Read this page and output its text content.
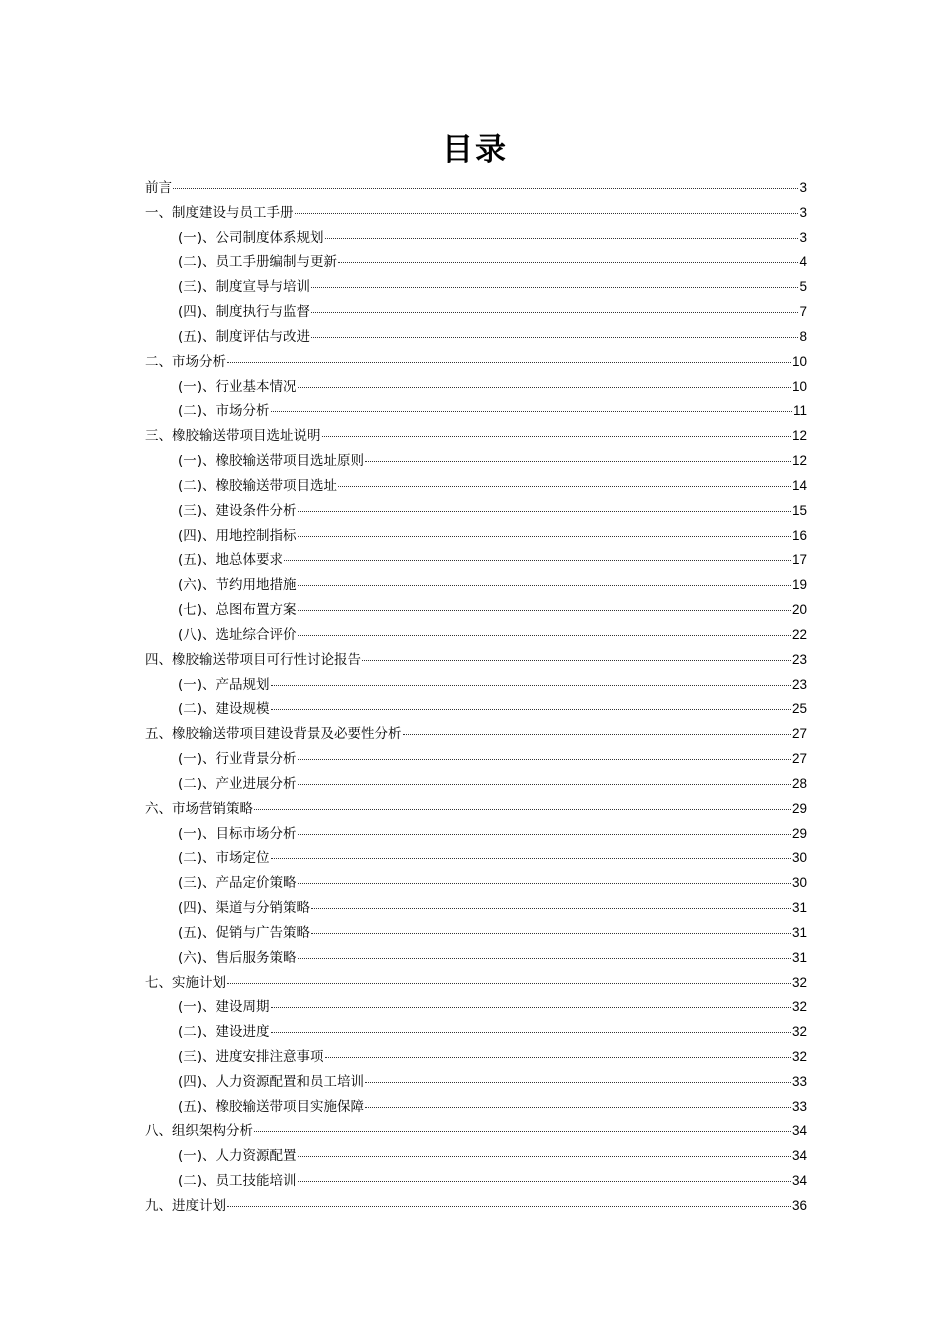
目录
前言	3
一、制度建设与员工手册	3
(一)、公司制度体系规划	3
(二)、员工手册编制与更新	4
(三)、制度宣导与培训	5
(四)、制度执行与监督	7
(五)、制度评估与改进	8
二、市场分析	10
(一)、行业基本情况	10
(二)、市场分析	11
三、橡胶输送带项目选址说明	12
(一)、橡胶输送带项目选址原则	12
(二)、橡胶输送带项目选址	14
(三)、建设条件分析	15
(四)、用地控制指标	16
(五)、地总体要求	17
(六)、节约用地措施	19
(七)、总图布置方案	20
(八)、选址综合评价	22
四、橡胶输送带项目可行性讨论报告	23
(一)、产品规划	23
(二)、建设规模	25
五、橡胶输送带项目建设背景及必要性分析	27
(一)、行业背景分析	27
(二)、产业进展分析	28
六、市场营销策略	29
(一)、目标市场分析	29
(二)、市场定位	30
(三)、产品定价策略	30
(四)、渠道与分销策略	31
(五)、促销与广告策略	31
(六)、售后服务策略	31
七、实施计划	32
(一)、建设周期	32
(二)、建设进度	32
(三)、进度安排注意事项	32
(四)、人力资源配置和员工培训	33
(五)、橡胶输送带项目实施保障	33
八、组织架构分析	34
(一)、人力资源配置	34
(二)、员工技能培训	34
九、进度计划	36
